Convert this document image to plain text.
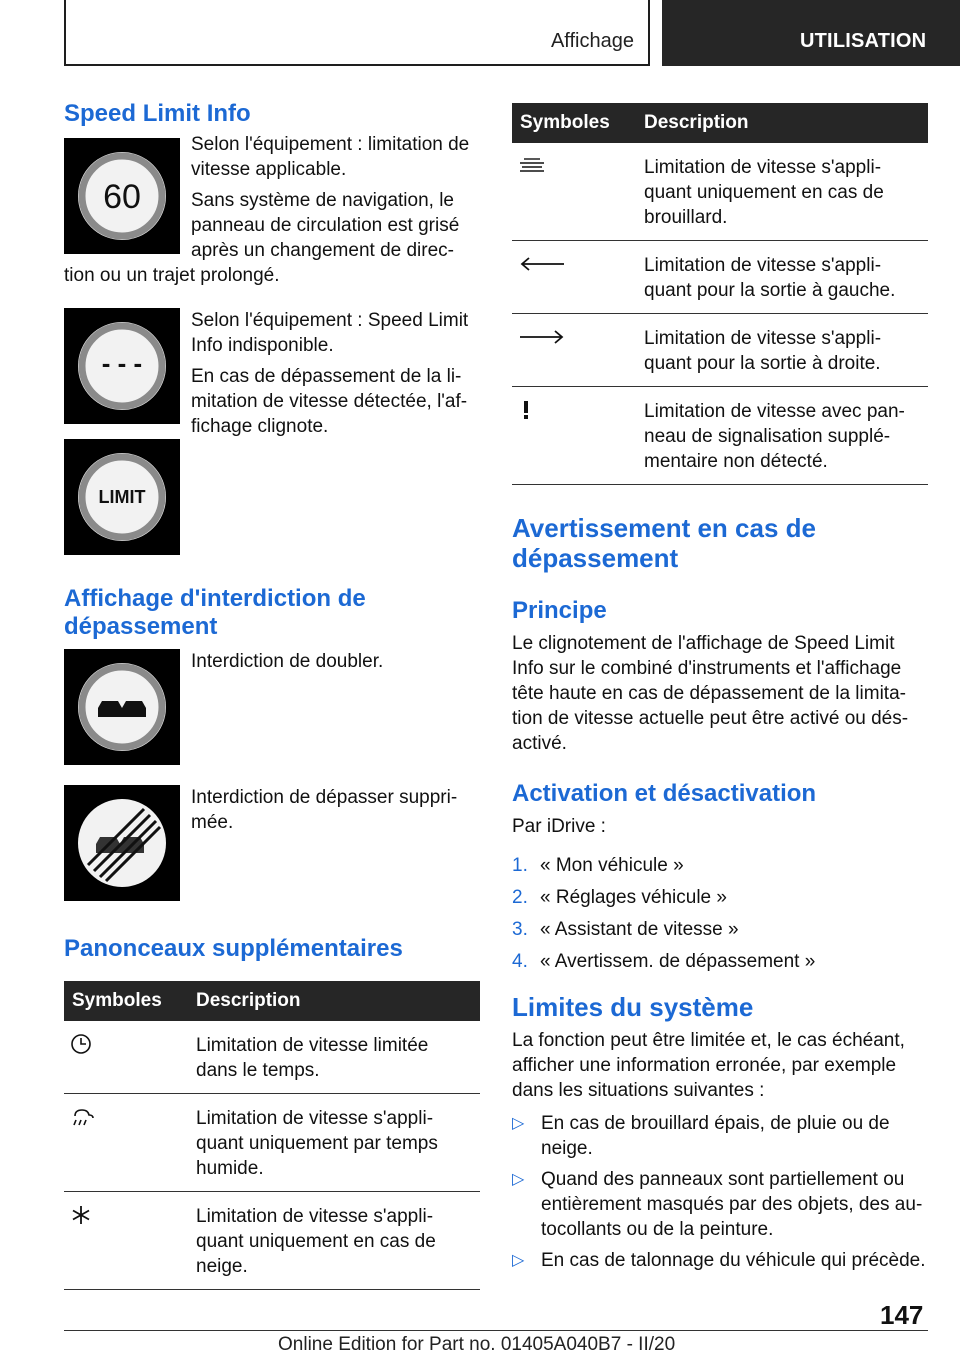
Affichage	UTILISATION
Speed Limit Info
60

Selon l'équipement : limitation de vitesse applicable.

Sans système de navigation, le panneau de circulation est grisé après un changement de direc‐tion ou un trajet prolongé.

- - -

Selon l'équipement : Speed Limit Info indisponible.

En cas de dépassement de la li‐mitation de vitesse détectée, l'af‐fichage clignote.

LIMIT
Affichage d'interdiction de dépassement

Interdiction de doubler.

Interdiction de dépasser suppri‐mée.

Panonceaux supplémentaires
Symboles	Description
	Limitation de vitesse limitée dans le temps.
	Limitation de vitesse s'appli‐quant uniquement par temps humide.
	Limitation de vitesse s'appli‐quant uniquement en cas de neige.
Symboles	Description
	Limitation de vitesse s'appli‐quant uniquement en cas de brouillard.
	Limitation de vitesse s'appli‐quant pour la sortie à gauche.
	Limitation de vitesse s'appli‐quant pour la sortie à droite.
	Limitation de vitesse avec pan‐neau de signalisation supplé‐mentaire non détecté.
Avertissement en cas de dépassement
Principe

Le clignotement de l'affichage de Speed Limit Info sur le combiné d'instruments et l'affichage tête haute en cas de dépassement de la limita‐tion de vitesse actuelle peut être activé ou dés‐activé.

Activation et désactivation

Par iDrive :

1. « Mon véhicule »
2. « Réglages véhicule »
3. « Assistant de vitesse »
4. « Avertissem. de dépassement »
Limites du système

La fonction peut être limitée et, le cas échéant, afficher une information erronée, par exemple dans les situations suivantes :

▷ En cas de brouillard épais, de pluie ou de neige.
▷ Quand des panneaux sont partiellement ou entièrement masqués par des objets, des au‐tocollants ou de la peinture.
▷ En cas de talonnage du véhicule qui précède.
147
Online Edition for Part no. 01405A040B7 - II/20
